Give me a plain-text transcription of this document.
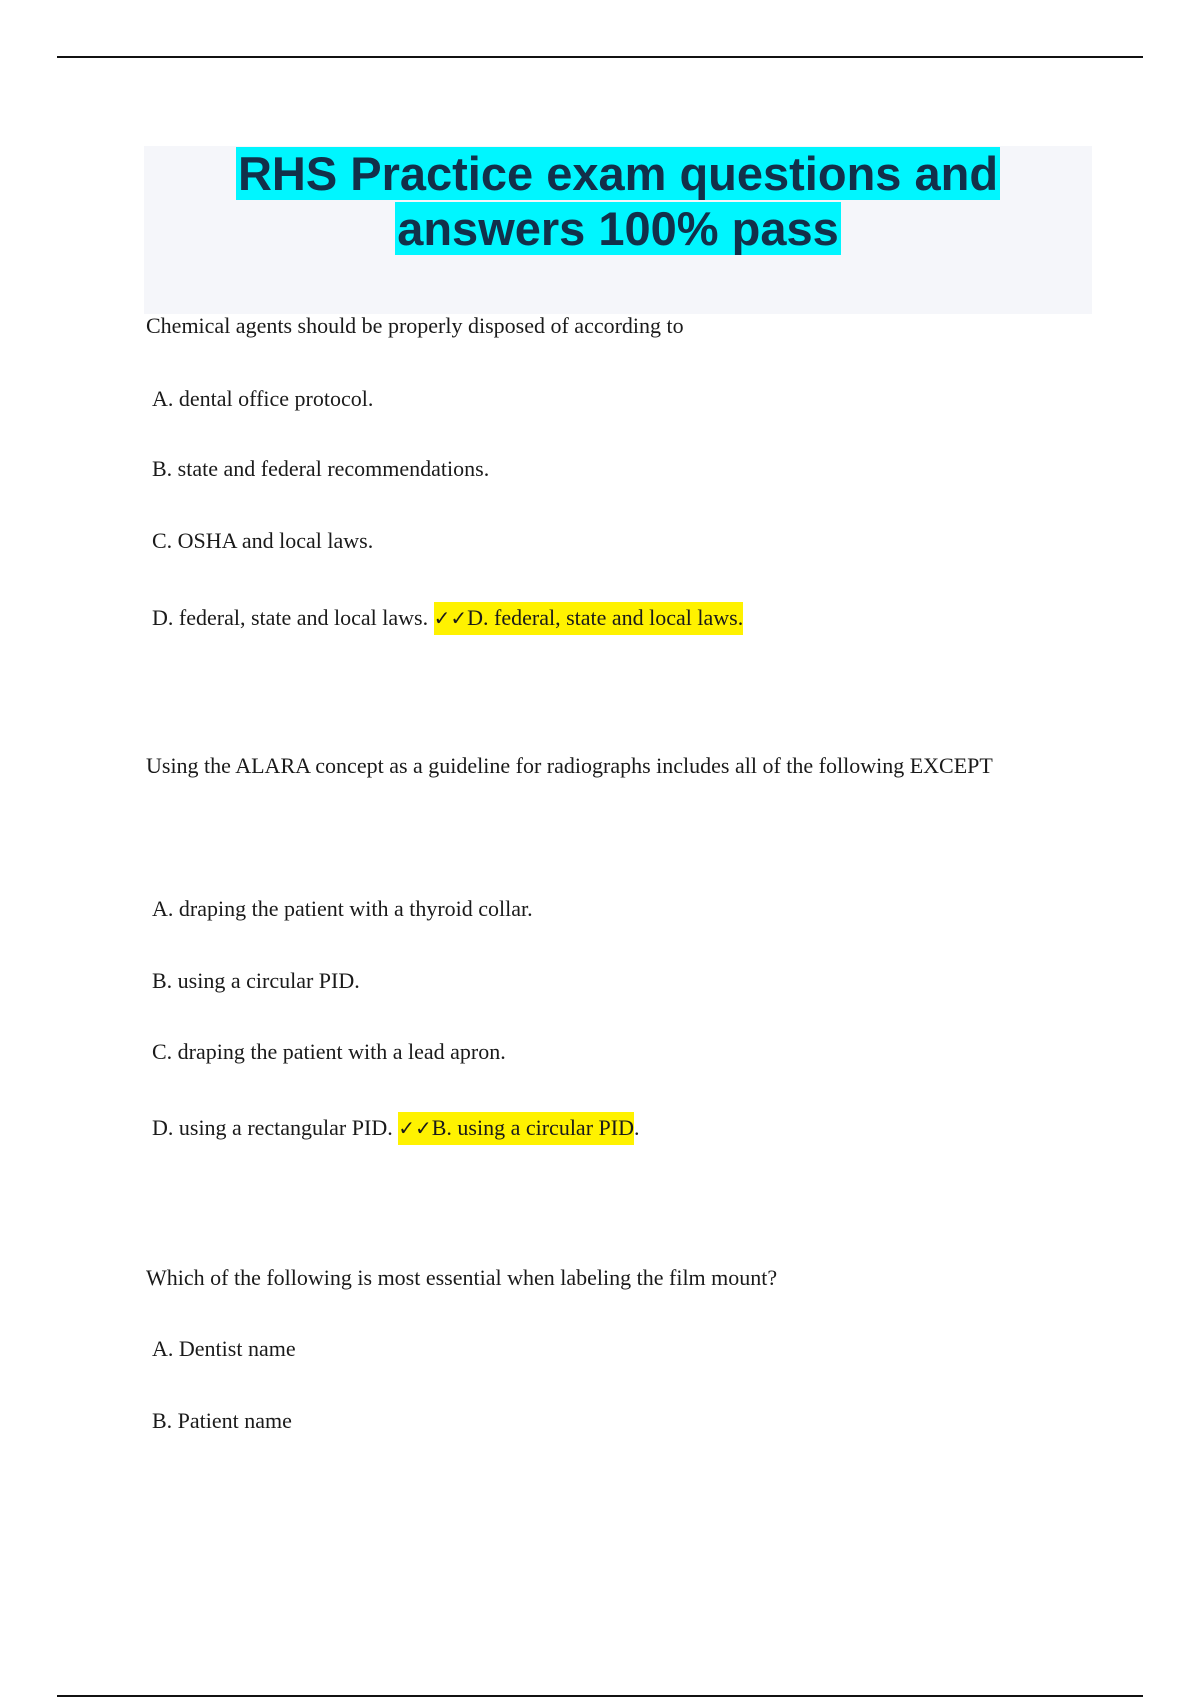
RHS Practice exam questions and
answers 100% pass

Chemical agents should be properly disposed of according to

A. dental office protocol.

B. state and federal recommendations.

C. OSHA and local laws.

D. federal, state and local laws. ✓✓D. federal, state and local laws.

Using the ALARA concept as a guideline for radiographs includes all of the following EXCEPT

A. draping the patient with a thyroid collar.

B. using a circular PID.

C. draping the patient with a lead apron.

D. using a rectangular PID. ✓✓B. using a circular PID.

Which of the following is most essential when labeling the film mount?

A. Dentist name

B. Patient name
